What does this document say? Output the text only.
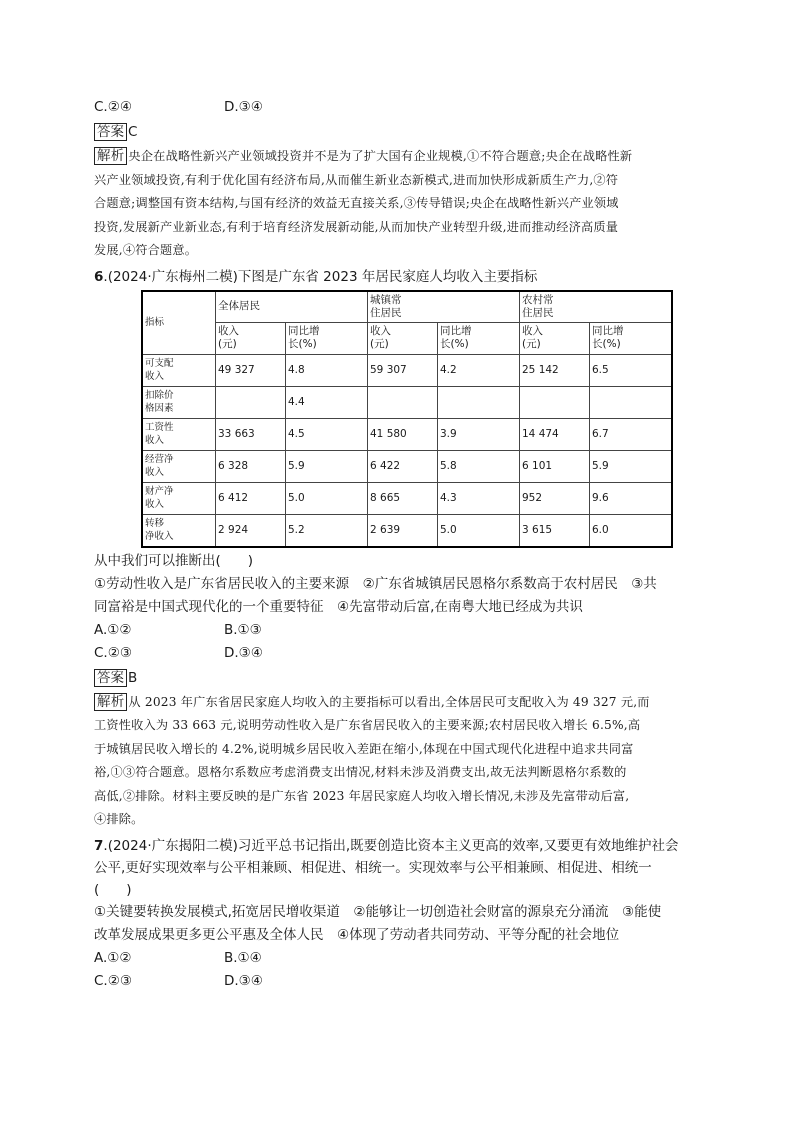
C.②④	D.③④
答案 C
解析 央企在战略性新兴产业领域投资并不是为了扩大国有企业规模,①不符合题意;央企在战略性新
兴产业领域投资,有利于优化国有经济布局,从而催生新业态新模式,进而加快形成新质生产力,②符
合题意;调整国有资本结构,与国有经济的效益无直接关系,③传导错误;央企在战略性新兴产业领域
投资,发展新产业新业态,有利于培育经济发展新动能,从而加快产业转型升级,进而推动经济高质量
发展,④符合题意。
6.(2024·广东梅州二模)下图是广东省 2023 年居民家庭人均收入主要指标
指标	全体居民		城镇常
住居民		农村常
住居民	
	收入
(元)	同比增
长(%)	收入
(元)	同比增
长(%)	收入
(元)	同比增
长(%)
可支配
收入	49 327	4.8	59 307	4.2	25 142	6.5
扣除价
格因素		4.4				
工资性
收入	33 663	4.5	41 580	3.9	14 474	6.7
经营净
收入	6 328	5.9	6 422	5.8	6 101	5.9
财产净
收入	6 412	5.0	8 665	4.3	952	9.6
转移
净收入	2 924	5.2	2 639	5.0	3 615	6.0
从中我们可以推断出(　　)
①劳动性收入是广东省居民收入的主要来源　②广东省城镇居民恩格尔系数高于农村居民　③共
同富裕是中国式现代化的一个重要特征　④先富带动后富,在南粤大地已经成为共识
A.①②	B.①③
C.②③	D.③④
答案 B
解析 从 2023 年广东省居民家庭人均收入的主要指标可以看出,全体居民可支配收入为 49 327 元,而
工资性收入为 33 663 元,说明劳动性收入是广东省居民收入的主要来源;农村居民收入增长 6.5%,高
于城镇居民收入增长的 4.2%,说明城乡居民收入差距在缩小,体现在中国式现代化进程中追求共同富
裕,①③符合题意。恩格尔系数应考虑消费支出情况,材料未涉及消费支出,故无法判断恩格尔系数的
高低,②排除。材料主要反映的是广东省 2023 年居民家庭人均收入增长情况,未涉及先富带动后富,
④排除。
7.(2024·广东揭阳二模)习近平总书记指出,既要创造比资本主义更高的效率,又要更有效地维护社会
公平,更好实现效率与公平相兼顾、相促进、相统一。实现效率与公平相兼顾、相促进、相统一
(　　)
①关键要转换发展模式,拓宽居民增收渠道　②能够让一切创造社会财富的源泉充分涌流　③能使
改革发展成果更多更公平惠及全体人民　④体现了劳动者共同劳动、平等分配的社会地位
A.①②	B.①④
C.②③	D.③④
